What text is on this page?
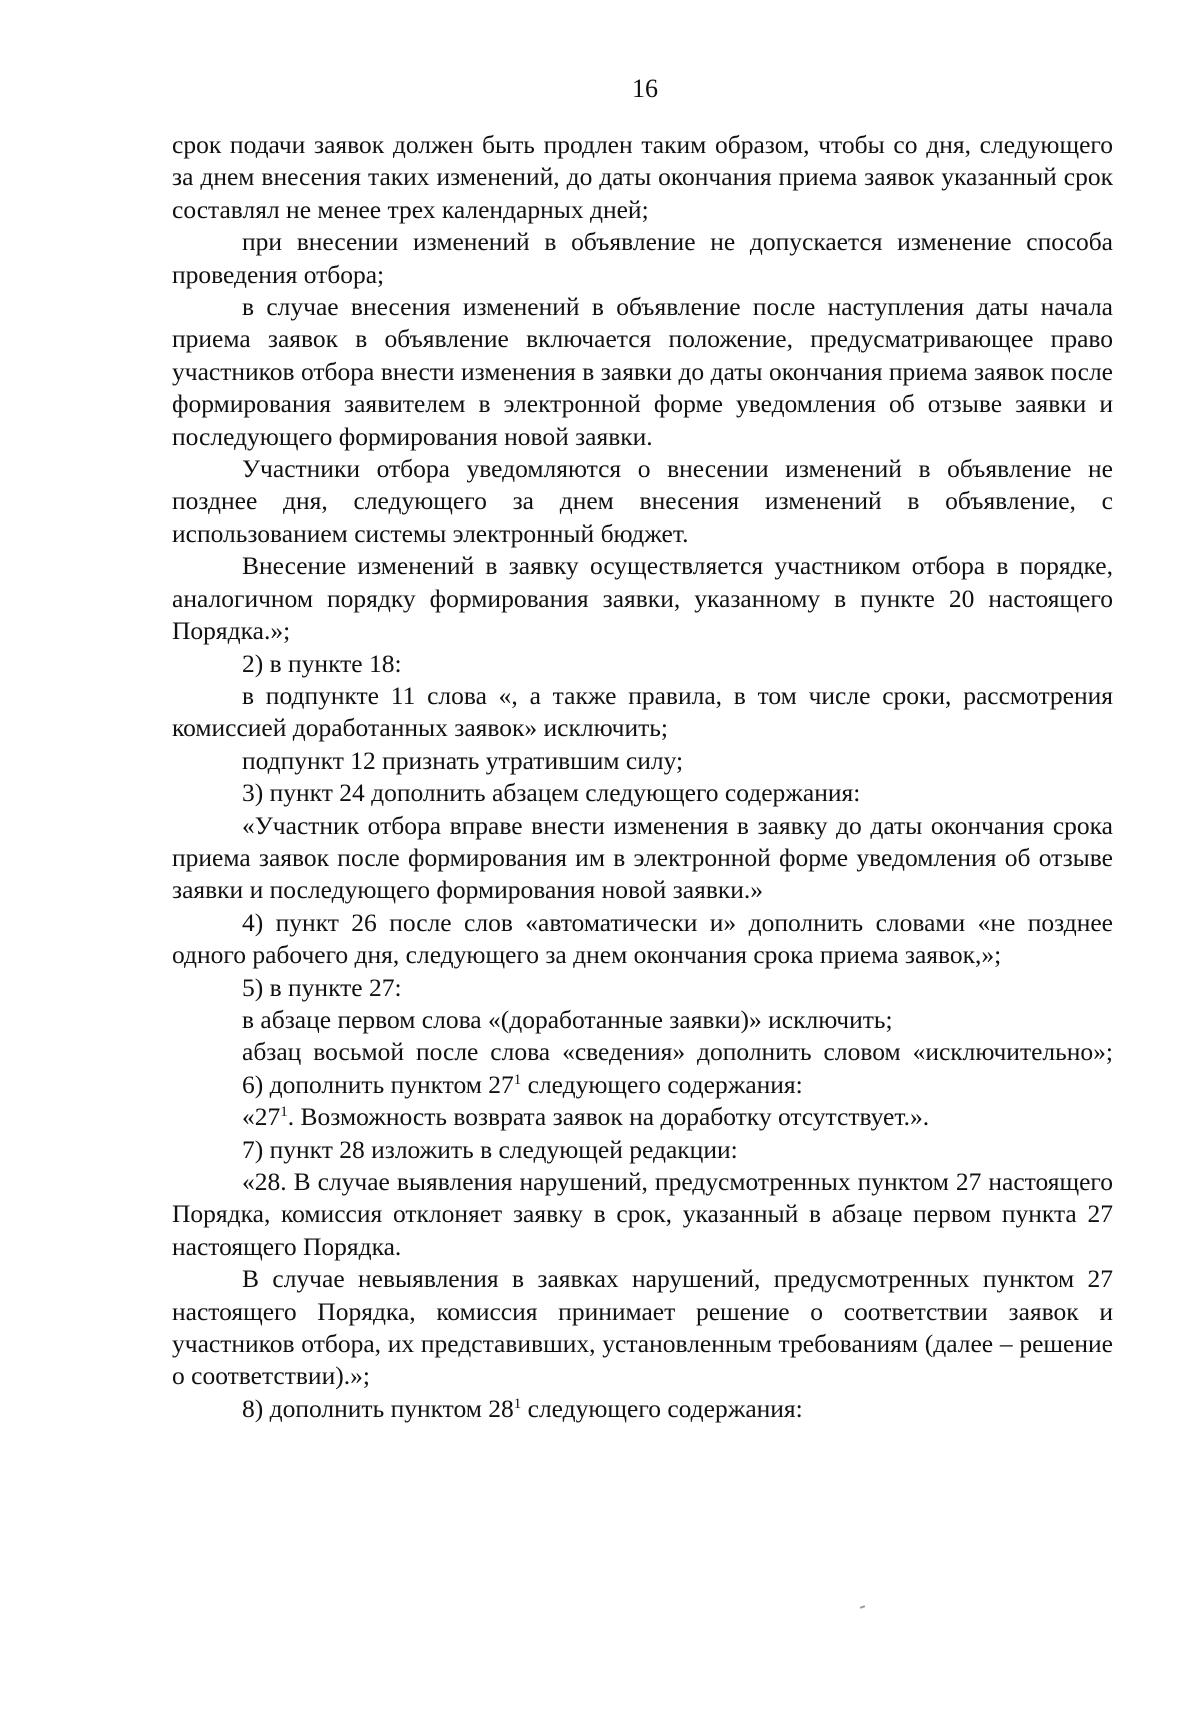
16

срок подачи заявок должен быть продлен таким образом, чтобы со дня, следующего за днем внесения таких изменений, до даты окончания приема заявок указанный срок составлял не менее трех календарных дней;

при внесении изменений в объявление не допускается изменение способа проведения отбора;

в случае внесения изменений в объявление после наступления даты начала приема заявок в объявление включается положение, предусматривающее право участников отбора внести изменения в заявки до даты окончания приема заявок после формирования заявителем в электронной форме уведомления об отзыве заявки и последующего формирования новой заявки.

Участники отбора уведомляются о внесении изменений в объявление не позднее дня, следующего за днем внесения изменений в объявление, с использованием системы электронный бюджет.

Внесение изменений в заявку осуществляется участником отбора в порядке, аналогичном порядку формирования заявки, указанному в пункте 20 настоящего Порядка.»;

2) в пункте 18:

в подпункте 11 слова «, а также правила, в том числе сроки, рассмотрения комиссией доработанных заявок» исключить;

подпункт 12 признать утратившим силу;

3) пункт 24 дополнить абзацем следующего содержания:

«Участник отбора вправе внести изменения в заявку до даты окончания срока приема заявок после формирования им в электронной форме уведомления об отзыве заявки и последующего формирования новой заявки.»

4) пункт 26 после слов «автоматически и» дополнить словами «не позднее одного рабочего дня, следующего за днем окончания срока приема заявок,»;

5) в пункте 27:

в абзаце первом слова «(доработанные заявки)» исключить;

абзац восьмой после слова «сведения» дополнить словом «исключительно»;

6) дополнить пунктом $27^1$ следующего содержания:

«$27^1$. Возможность возврата заявок на доработку отсутствует.».

7) пункт 28 изложить в следующей редакции:

«28. В случае выявления нарушений, предусмотренных пунктом 27 настоящего Порядка, комиссия отклоняет заявку в срок, указанный в абзаце первом пункта 27 настоящего Порядка.

В случае невыявления в заявках нарушений, предусмотренных пунктом 27 настоящего Порядка, комиссия принимает решение о соответствии заявок и участников отбора, их представивших, установленным требованиям (далее – решение о соответствии).»;

8) дополнить пунктом $28^1$ следующего содержания:
